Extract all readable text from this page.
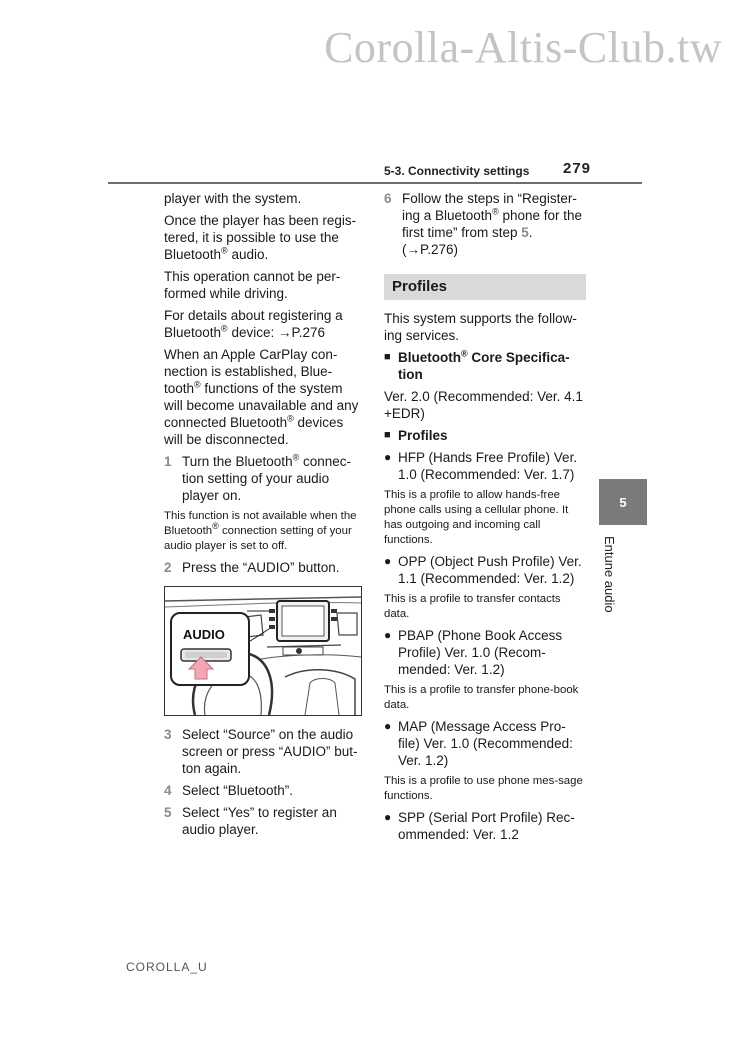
Corolla-Altis-Club.tw
5-3. Connectivity settings 279

player with the system.

Once the player has been regis-tered, it is possible to use the Bluetooth® audio.

This operation cannot be per-formed while driving.

For details about registering a Bluetooth® device: →P.276

When an Apple CarPlay con-nection is established, Blue-tooth® functions of the system will become unavailable and any connected Bluetooth® devices will be disconnected.

1 Turn the Bluetooth® connec-tion setting of your audio player on.

This function is not available when the Bluetooth® connection setting of your audio player is set to off.

2 Press the “AUDIO” button.
AUDIO
3 Select “Source” on the audio screen or press “AUDIO” but-ton again.
4 Select “Bluetooth”.
5 Select “Yes” to register an audio player.
6 Follow the steps in “Register-ing a Bluetooth® phone for the first time” from step 5. (→P.276)
Profiles

This system supports the follow-ing services.

■ Bluetooth® Core Specifica-tion

Ver. 2.0 (Recommended: Ver. 4.1 +EDR)

■ Profiles
● HFP (Hands Free Profile) Ver. 1.0 (Recommended: Ver. 1.7)

This is a profile to allow hands-free phone calls using a cellular phone. It has outgoing and incoming call functions.

● OPP (Object Push Profile) Ver. 1.1 (Recommended: Ver. 1.2)

This is a profile to transfer contacts data.

● PBAP (Phone Book Access Profile) Ver. 1.0 (Recom-mended: Ver. 1.2)

This is a profile to transfer phone-book data.

● MAP (Message Access Pro-file) Ver. 1.0 (Recommended: Ver. 1.2)

This is a profile to use phone mes-sage functions.

● SPP (Serial Port Profile) Rec-ommended: Ver. 1.2
5
Entune audio
COROLLA_U
